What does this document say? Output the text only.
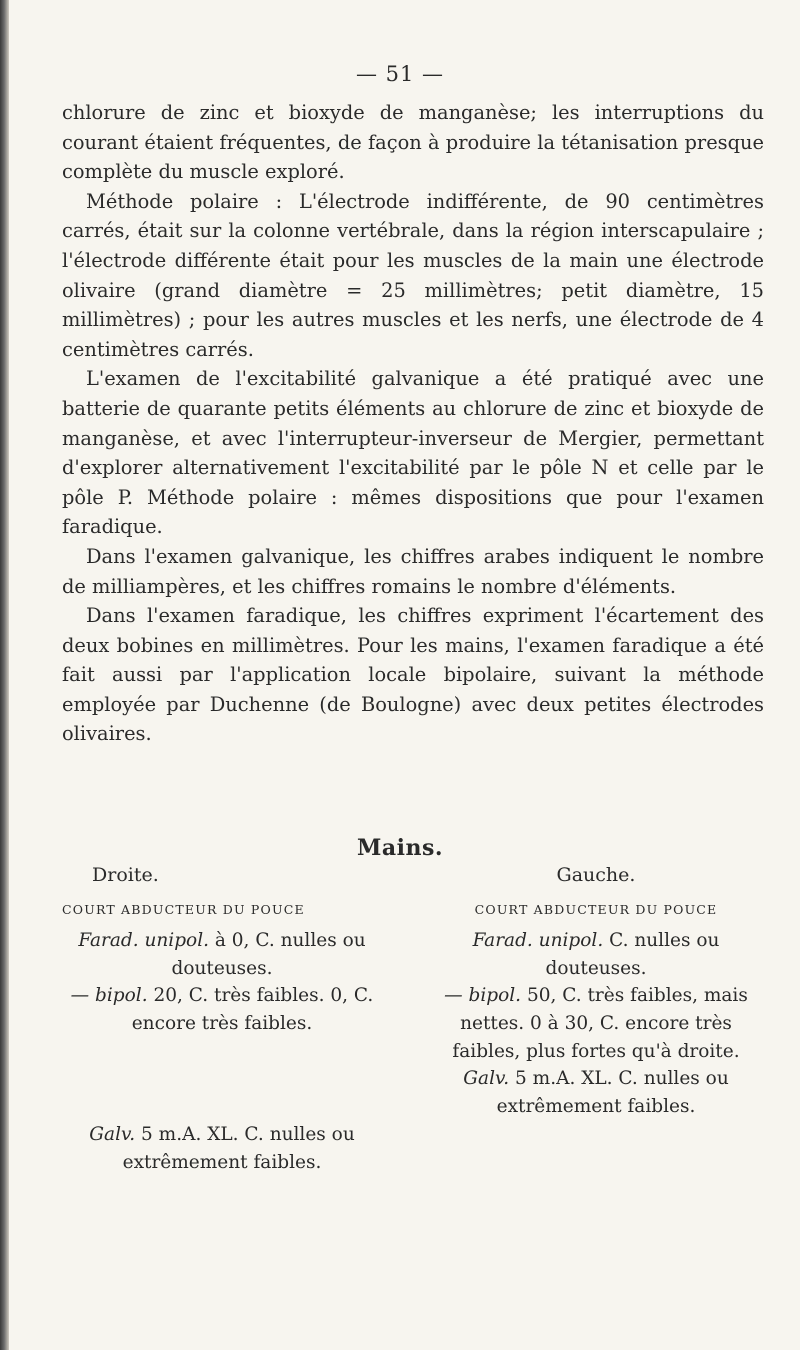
— 51 —

chlorure de zinc et bioxyde de manganèse; les interruptions du courant étaient fréquentes, de façon à produire la tétanisation presque complète du muscle exploré.

Méthode polaire : L'électrode indifférente, de 90 centimètres carrés, était sur la colonne vertébrale, dans la région interscapulaire ; l'électrode différente était pour les muscles de la main une électrode olivaire (grand diamètre = 25 millimètres; petit diamètre, 15 millimètres) ; pour les autres muscles et les nerfs, une électrode de 4 centimètres carrés.

L'examen de l'excitabilité galvanique a été pratiqué avec une batterie de quarante petits éléments au chlorure de zinc et bioxyde de manganèse, et avec l'interrupteur-inverseur de Mergier, permettant d'explorer alternativement l'excitabilité par le pôle N et celle par le pôle P. Méthode polaire : mêmes dispositions que pour l'examen faradique.

Dans l'examen galvanique, les chiffres arabes indiquent le nombre de milliampères, et les chiffres romains le nombre d'éléments.

Dans l'examen faradique, les chiffres expriment l'écartement des deux bobines en millimètres. Pour les mains, l'examen faradique a été fait aussi par l'application locale bipolaire, suivant la méthode employée par Duchenne (de Boulogne) avec deux petites électrodes olivaires.

Mains.
Droite.
COURT ABDUCTEUR DU POUCE

Farad. unipol. à 0, C. nulles ou douteuses.

— bipol. 20, C. très faibles. 0, C. encore très faibles.

Galv. 5 m.A. XL. C. nulles ou extrêmement faibles.

Gauche.
COURT ABDUCTEUR DU POUCE

Farad. unipol. C. nulles ou douteuses.

— bipol. 50, C. très faibles, mais nettes. 0 à 30, C. encore très faibles, plus fortes qu'à droite.

Galv. 5 m.A. XL. C. nulles ou extrêmement faibles.
